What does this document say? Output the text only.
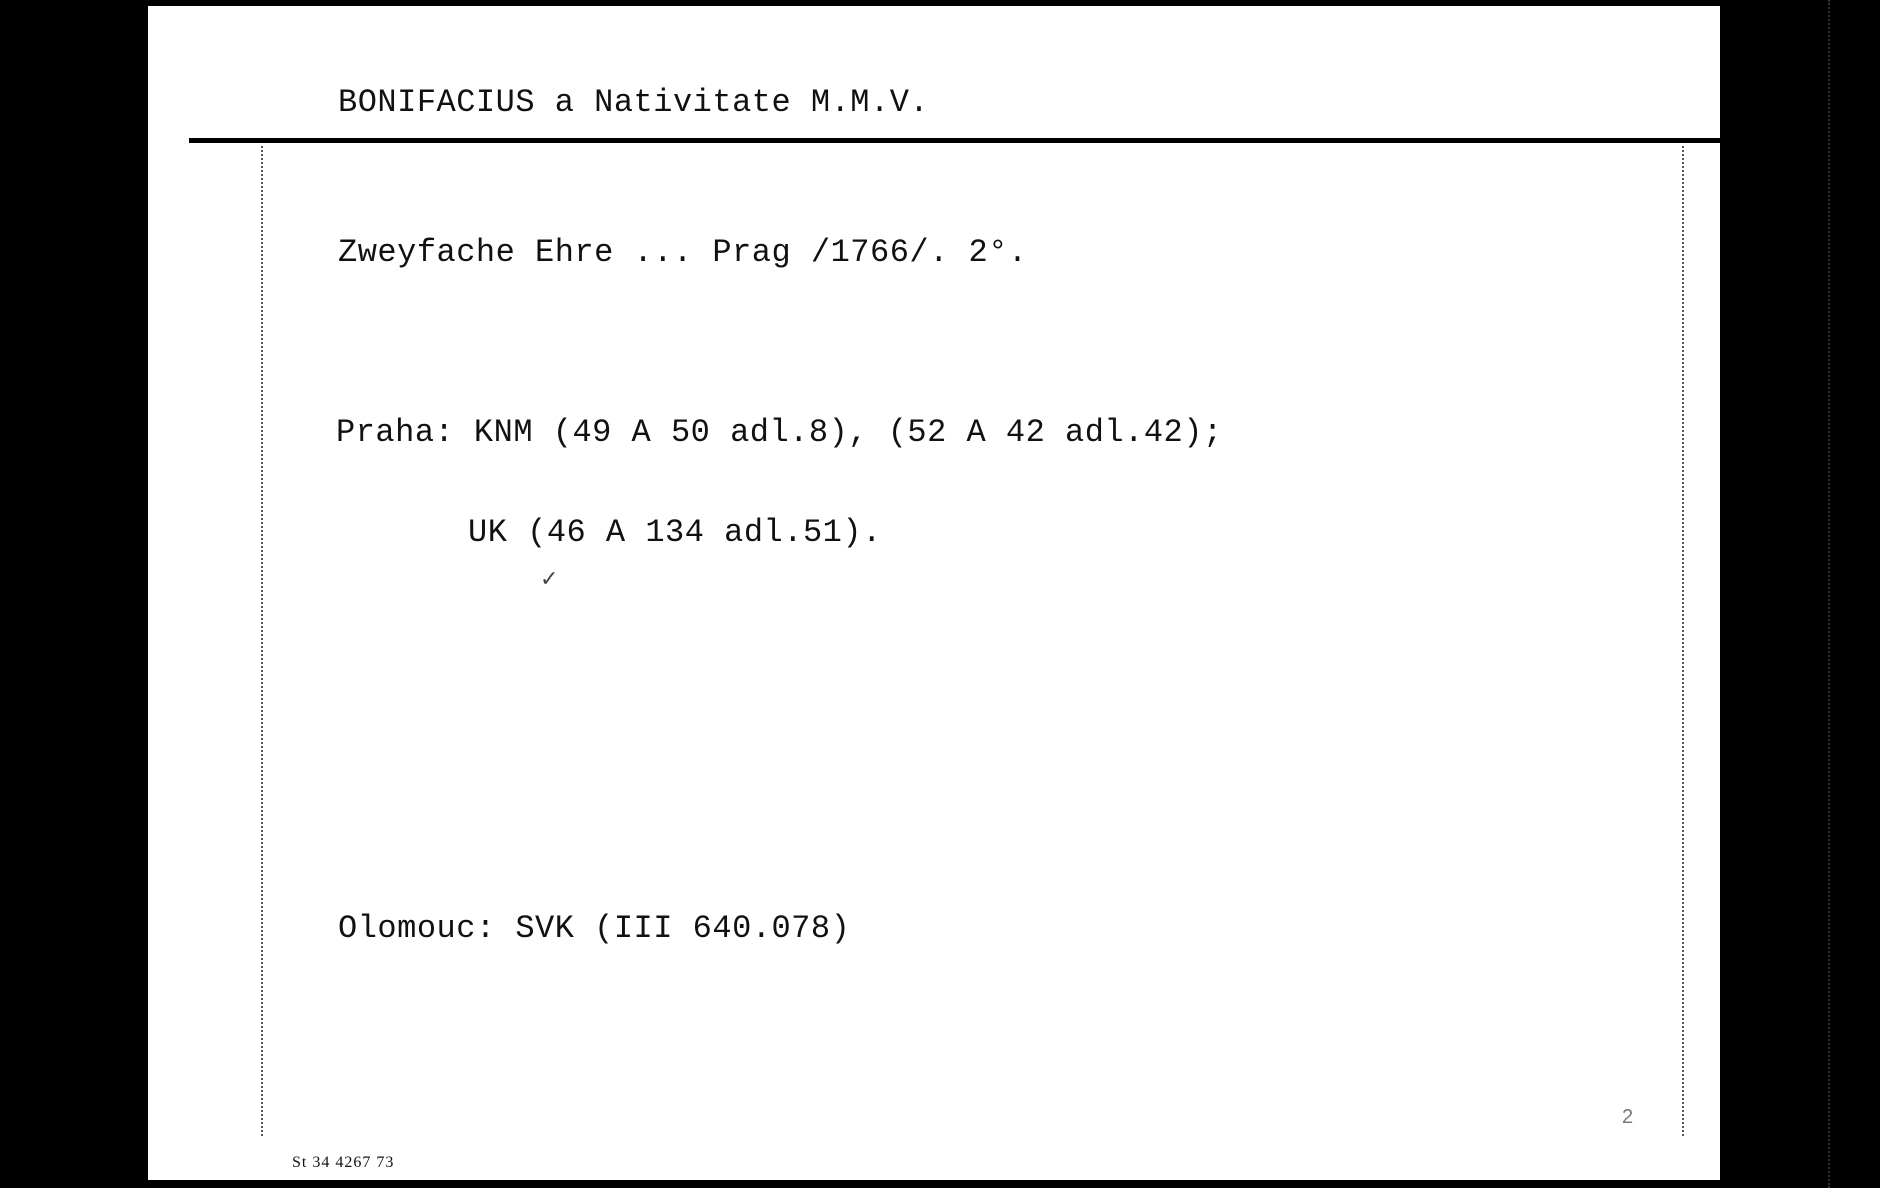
BONIFACIUS a Nativitate M.M.V.
Zweyfache Ehre ... Prag /1766/. 2°.
Praha: KNM (49 A 50 adl.8), (52 A 42 adl.42);
UK (46 A 134 adl.51).
✓
Olomouc: SVK (III 640.078)
St 34 4267 73
2
